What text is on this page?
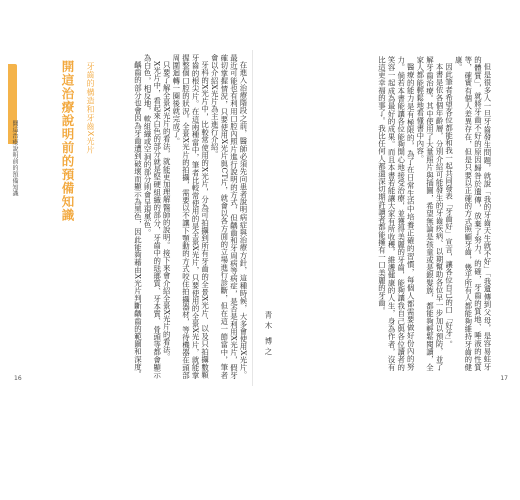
開這治療說明前的預備知識	開這治療說明前的預備知識 牙齒的構造和牙齒X光片	在進入治療階段之前，醫師必須先向患者說明病症與治療方針，這種時候，大多會使用X光片。最近可能也有利用口腔內照片進行說明的方式，但齲齒和牙周病等病症，是否是利用X光片，假牙確切掌握情況，只要使用X光片與CT片，就會以各方面的立場進行診斷，但在這一節當中，筆者會以介紹X光片為主進行介紹。

牙科的X光片中，比較常使用的X光片，分為可拍攝到所有牙齒的全景X光片、以及只拍攝數顆牙齒的根尖片。在這兩種當中，筆者比較常使用的是全景X光片，只要使用的全景X光片，就能掌握整個口腔的狀況。全景X光片的拍攝，需要以不讓下顎動的方式咬住拍攝器材，等待機器在頭部周圍迴轉一圈後就完成了。

只要了解全景X光片的看法，就能更加理解醫師的說明。接下來會介紹全景X光片的看法。

X光片中，看起來白色的部分就是堅硬組織的部分，牙齒中的琺瑯質、牙本質、骨頭等都會顯示為白色，相反地，軟組織或空洞的部分則會呈現黑色。

齲齒的部分也會因為牙齒遭到破壞而顯示為黑色，因此能夠藉由X光片判斷齲齒的範圍和深度。

16

但是很多人一旦牙齒發生問題，就說「我的牙齒天生就不好」「我遺傳到父母，是容易蛀牙的體質」，就將牙齒不好的原因歸咎於遺傳，放棄了努力。的確，牙齒的質地、唾液的性質等，確實有個人差異存在，但是只要以正確的方式照顧牙齒，幾乎所有人都能夠維持牙齒的健康。

因此筆者希望各位都能和我一起共同發表「牙齒好」宣言，讓各位自己的口「好牙」。

本書是依各個年齡層，分別介紹可能發生的牙齒疾病、以期幫助各位早一步加以預防，並了解牙齒治療。其中使用了大量照片與插圖，希望無論是孩童或是銀髮族，都能夠輕鬆閱讀，全家人都能輕鬆地看懂書中內容。

醫療的能力是有極限的，為了在日常生活中培養正確的習慣，每個人都需要做好份內的努力。倘若本書能讓各位能夠開心地接受治療，並獲得美麗的牙齒，能夠讓我自己與各位讀者的笑容一起成為最好的成果。而且本書若能讓大家有所收穫，維護健康的人生，身為作者，沒有比這更幸福的事了。我比任何人都還深切期許讀者都能擁有一口美麗的牙齒。

青木 博之
17
